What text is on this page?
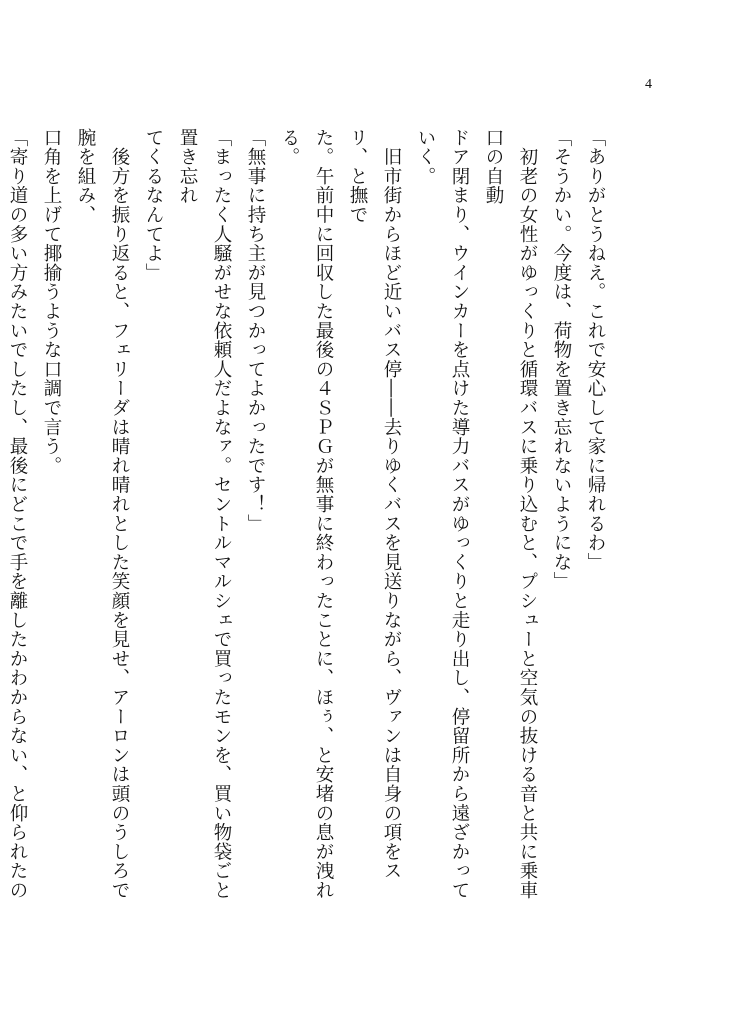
4

「ありがとうねえ。これで安心して家に帰れるわ」

「そうかい。今度は、荷物を置き忘れないようにな」

　初老の女性がゆっくりと循環バスに乗り込むと、プシューと空気の抜ける音と共に乗車口の自動

ドア閉まり、ウインカーを点けた導力バスがゆっくりと走り出し、停留所から遠ざかっていく。

　旧市街からほど近いバス停――去りゆくバスを見送りながら、ヴァンは自身の項をスリ、と撫で

た。午前中に回収した最後の４ＳＰＧが無事に終わったことに、ほぅ、と安堵の息が洩れる。

「無事に持ち主が見つかってよかったです！」

「まったく人騒がせな依頼人だよなァ。セントルマルシェで買ったモンを、買い物袋ごと置き忘れ

てくるなんてよ」

　後方を振り返ると、フェリーダは晴れ晴れとした笑顔を見せ、アーロンは頭のうしろで腕を組み、

口角を上げて揶揄うような口調で言う。

「寄り道の多い方みたいでしたし、最後にどこで手を離したかわからない、と仰られたの
